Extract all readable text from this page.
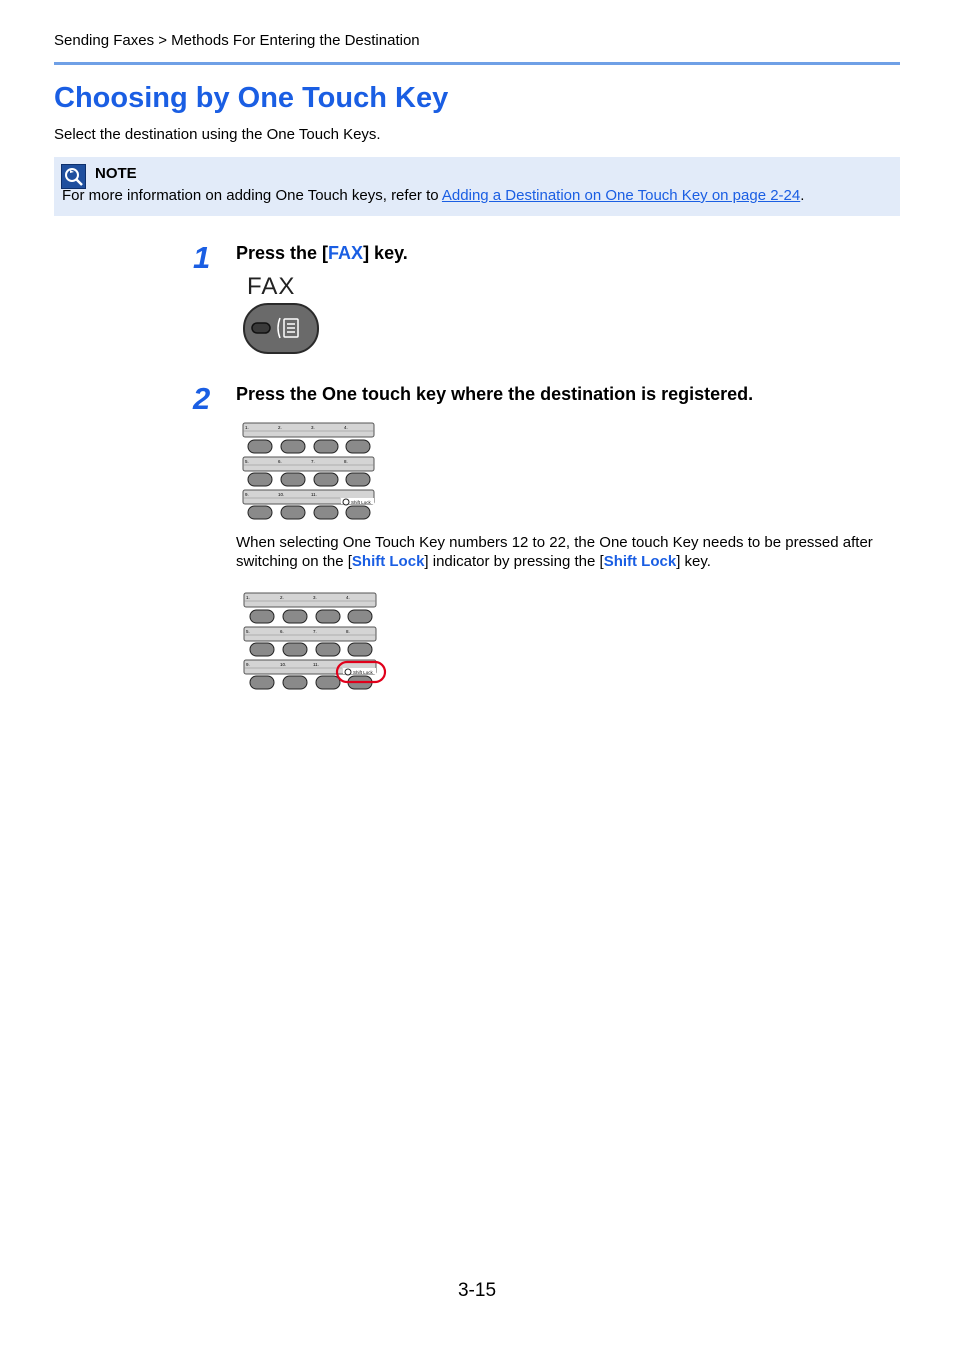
Sending Faxes > Methods For Entering the Destination
Choosing by One Touch Key
Select the destination using the One Touch Keys.
NOTE
For more information on adding One Touch keys, refer to Adding a Destination on One Touch Key on page 2-24.
1 Press the [FAX] key.
FAX
2 Press the One touch key where the destination is registered.
1.	2.	3.	4.
5.	6.	7.	8.
9.	10.	11.
Shift Lock
When selecting One Touch Key numbers 12 to 22, the One touch Key needs to be pressed after switching on the [Shift Lock] indicator by pressing the [Shift Lock] key.
1.	2.	3.	4.
5.	6.	7.	8.
9.	10.	11.
Shift Lock
3-15
